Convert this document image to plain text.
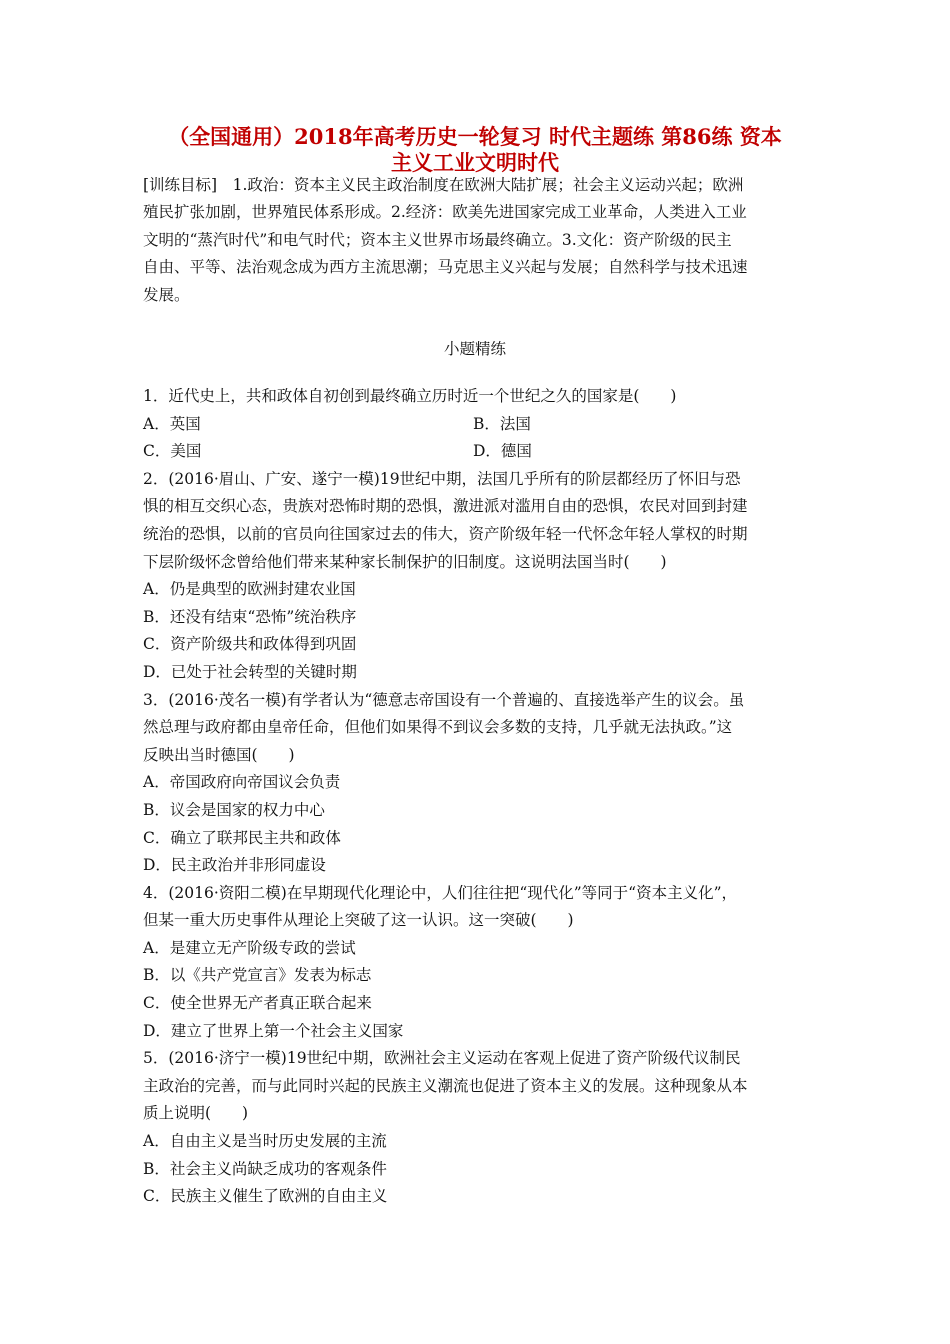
（全国通用）2018年高考历史一轮复习 时代主题练 第86练 资本
主义工业文明时代
[训练目标]　1.政治：资本主义民主政治制度在欧洲大陆扩展；社会主义运动兴起；欧洲
殖民扩张加剧，世界殖民体系形成。2.经济：欧美先进国家完成工业革命，人类进入工业
文明的“蒸汽时代”和电气时代；资本主义世界市场最终确立。3.文化：资产阶级的民主
自由、平等、法治观念成为西方主流思潮；马克思主义兴起与发展；自然科学与技术迅速
发展。
小题精练
1．近代史上，共和政体自初创到最终确立历时近一个世纪之久的国家是(　　)
A．英国	B．法国
C．美国	D．德国
2．(2016·眉山、广安、遂宁一模)19世纪中期，法国几乎所有的阶层都经历了怀旧与恐
惧的相互交织心态，贵族对恐怖时期的恐惧，激进派对滥用自由的恐惧，农民对回到封建
统治的恐惧，以前的官员向往国家过去的伟大，资产阶级年轻一代怀念年轻人掌权的时期
下层阶级怀念曾给他们带来某种家长制保护的旧制度。这说明法国当时(　　)
A．仍是典型的欧洲封建农业国
B．还没有结束“恐怖”统治秩序
C．资产阶级共和政体得到巩固
D．已处于社会转型的关键时期
3．(2016·茂名一模)有学者认为“德意志帝国设有一个普遍的、直接选举产生的议会。虽
然总理与政府都由皇帝任命，但他们如果得不到议会多数的支持，几乎就无法执政。”这
反映出当时德国(　　)
A．帝国政府向帝国议会负责
B．议会是国家的权力中心
C．确立了联邦民主共和政体
D．民主政治并非形同虚设
4．(2016·资阳二模)在早期现代化理论中，人们往往把“现代化”等同于“资本主义化”，
但某一重大历史事件从理论上突破了这一认识。这一突破(　　)
A．是建立无产阶级专政的尝试
B．以《共产党宣言》发表为标志
C．使全世界无产者真正联合起来
D．建立了世界上第一个社会主义国家
5．(2016·济宁一模)19世纪中期，欧洲社会主义运动在客观上促进了资产阶级代议制民
主政治的完善，而与此同时兴起的民族主义潮流也促进了资本主义的发展。这种现象从本
质上说明(　　)
A．自由主义是当时历史发展的主流
B．社会主义尚缺乏成功的客观条件
C．民族主义催生了欧洲的自由主义
